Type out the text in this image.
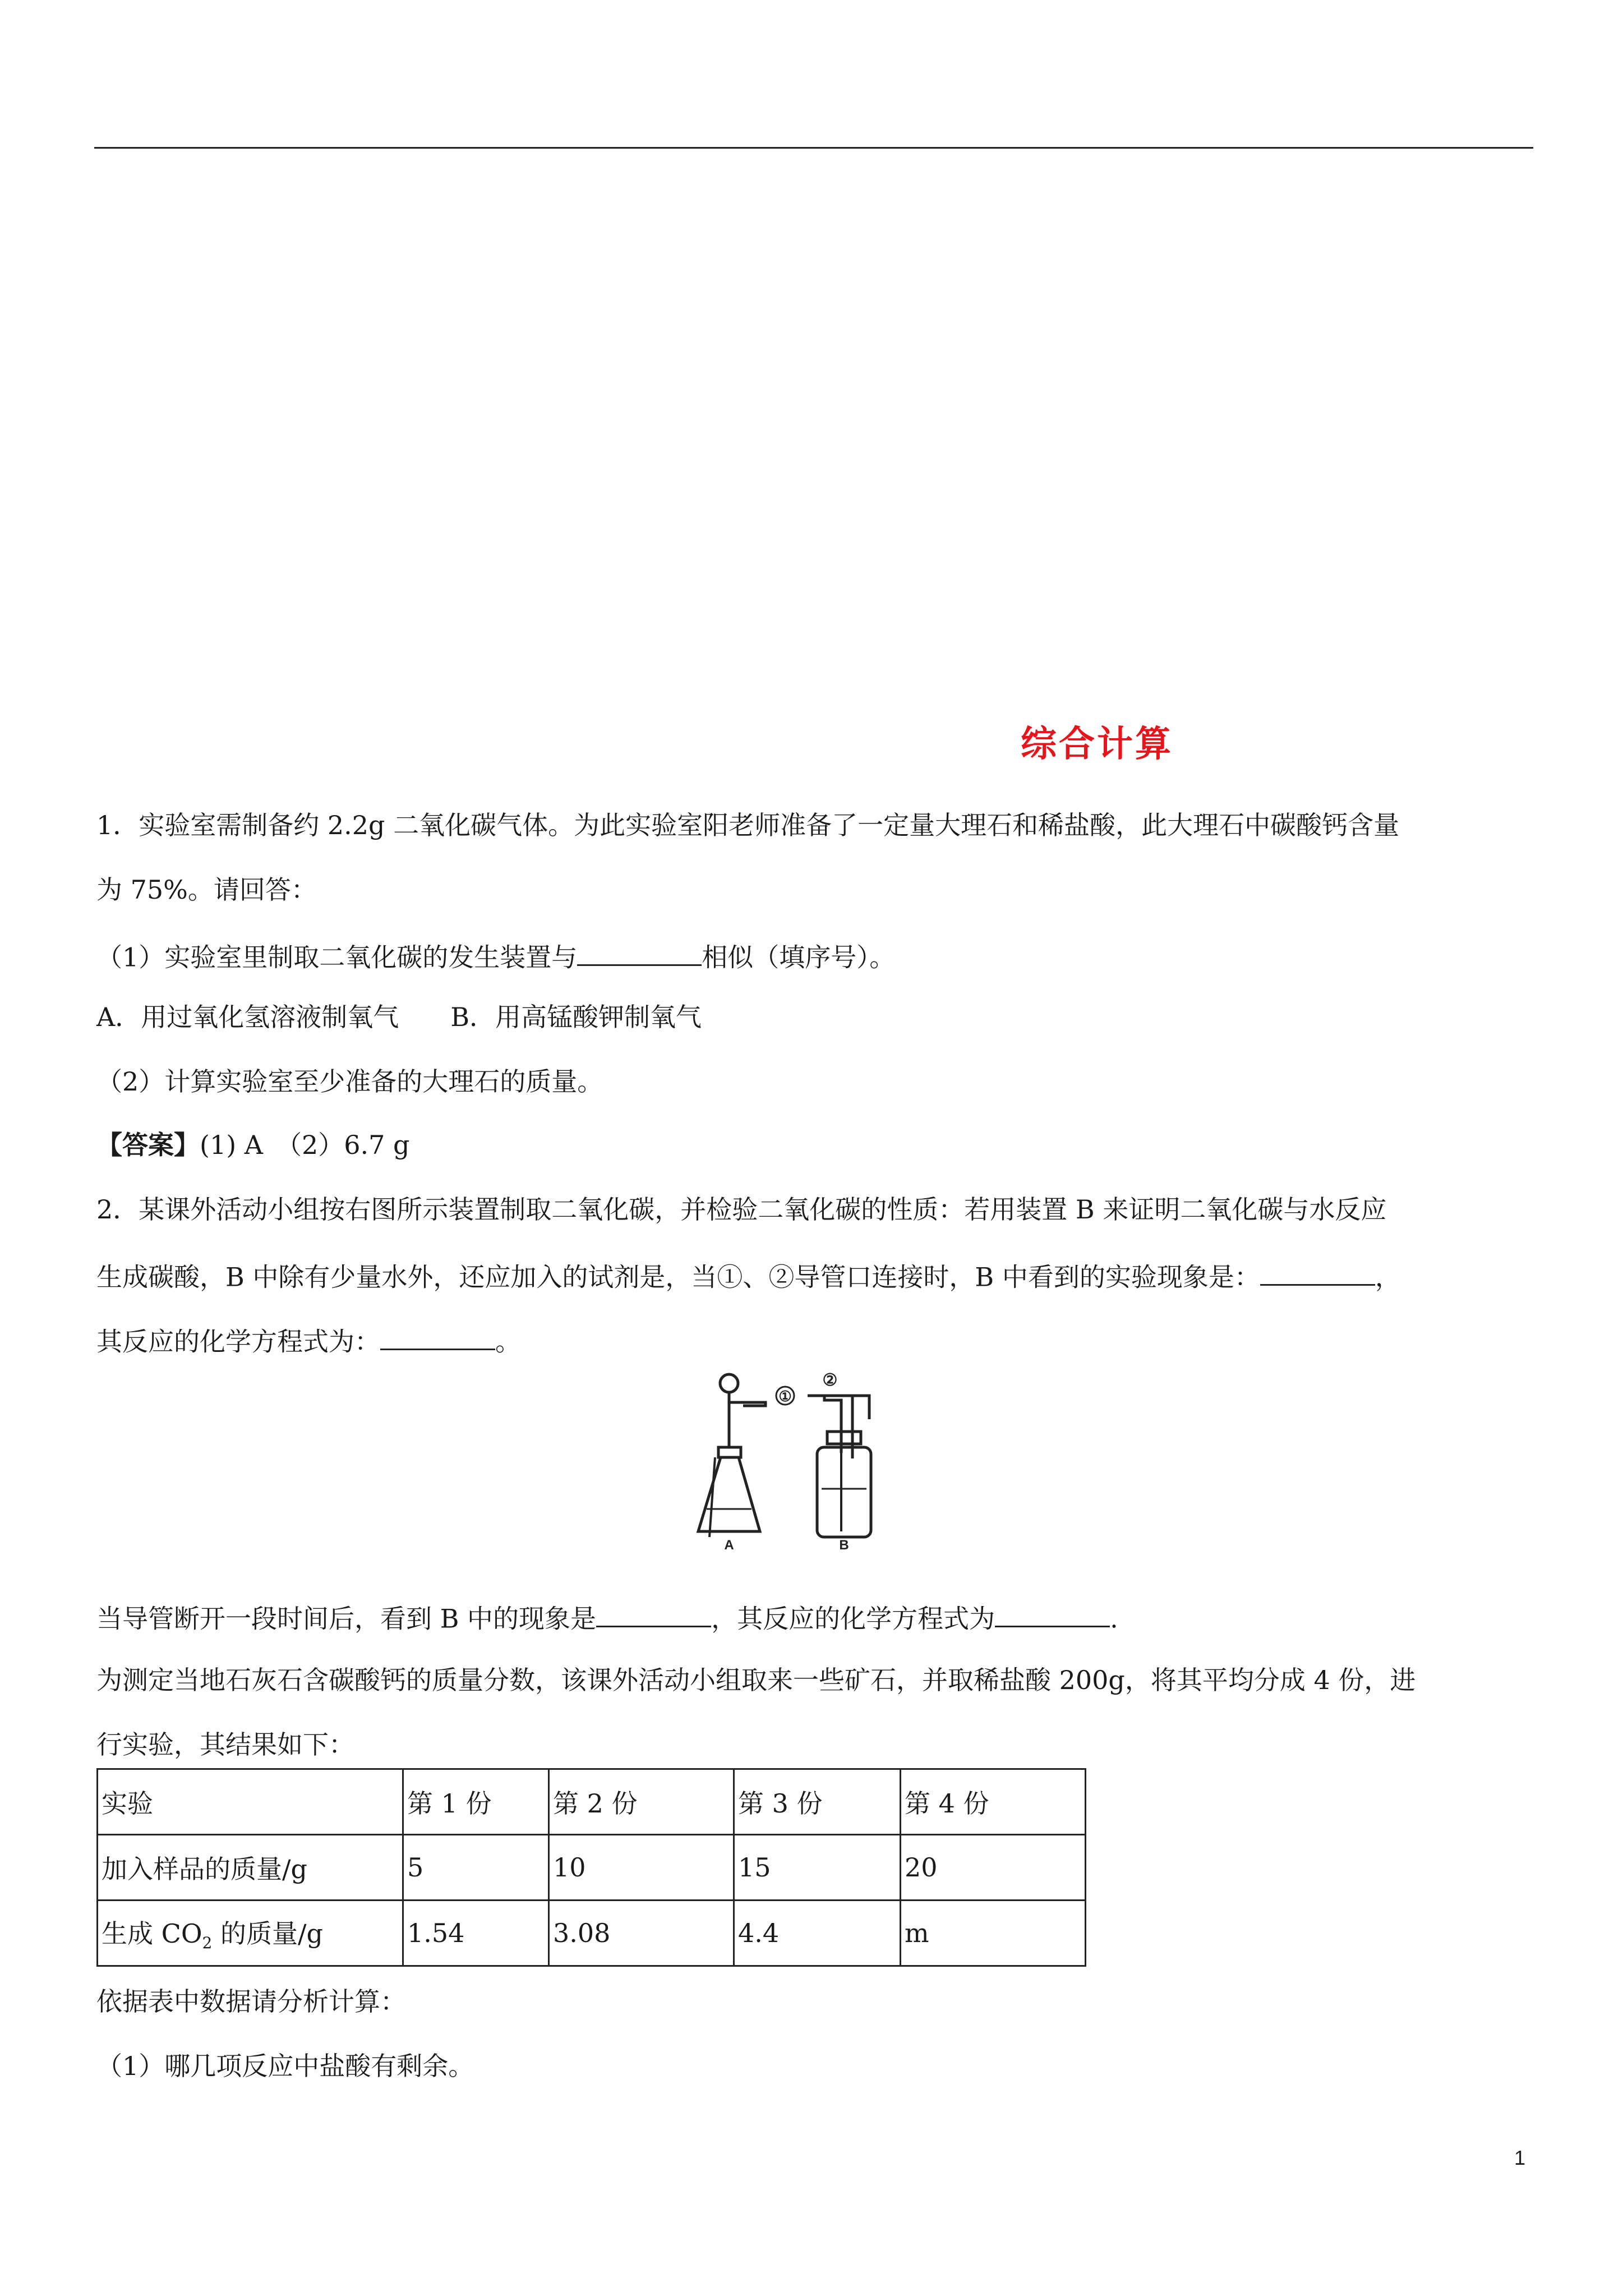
综合计算
1．实验室需制备约 2.2g 二氧化碳气体。为此实验室阳老师准备了一定量大理石和稀盐酸，此大理石中碳酸钙含量
为 75%。请回答：
（1）实验室里制取二氧化碳的发生装置与	相似（填序号）。
A．用过氧化氢溶液制氧气　　B．用高锰酸钾制氧气
（2）计算实验室至少准备的大理石的质量。
【答案】(1) A　（2）6.7 g
2．某课外活动小组按右图所示装置制取二氧化碳，并检验二氧化碳的性质：若用装置 B 来证明二氧化碳与水反应
生成碳酸，B 中除有少量水外，还应加入的试剂是，当①、②导管口连接时，B 中看到的实验现象是：	，
其反应的化学方程式为：	。
①
②
A	B
当导管断开一段时间后，看到 B 中的现象是	，其反应的化学方程式为	.
为测定当地石灰石含碳酸钙的质量分数，该课外活动小组取来一些矿石，并取稀盐酸 200g，将其平均分成 4 份，进
行实验，其结果如下：
实验	第 1 份	第 2 份	第 3 份	第 4 份
加入样品的质量/g	5	10	15	20
生成 $CO_2$ 的质量/g	1.54	3.08	4.4	m
依据表中数据请分析计算：
（1）哪几项反应中盐酸有剩余。
1
